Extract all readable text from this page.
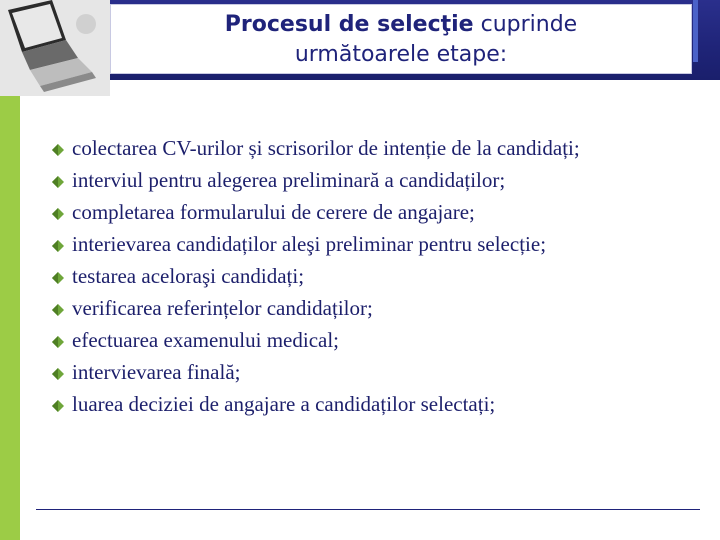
Procesul de selecţie cuprinde
următoarele etape:
colectarea CV-urilor și scrisorilor de intenție de la candidați;
interviul pentru alegerea preliminară a candidaților;
completarea formularului de cerere de angajare;
interievarea candidaților aleşi preliminar pentru selecție;
testarea aceloraşi candidați;
verificarea referințelor candidaților;
efectuarea examenului medical;
intervievarea finală;
luarea deciziei de angajare a candidaților selectați;
